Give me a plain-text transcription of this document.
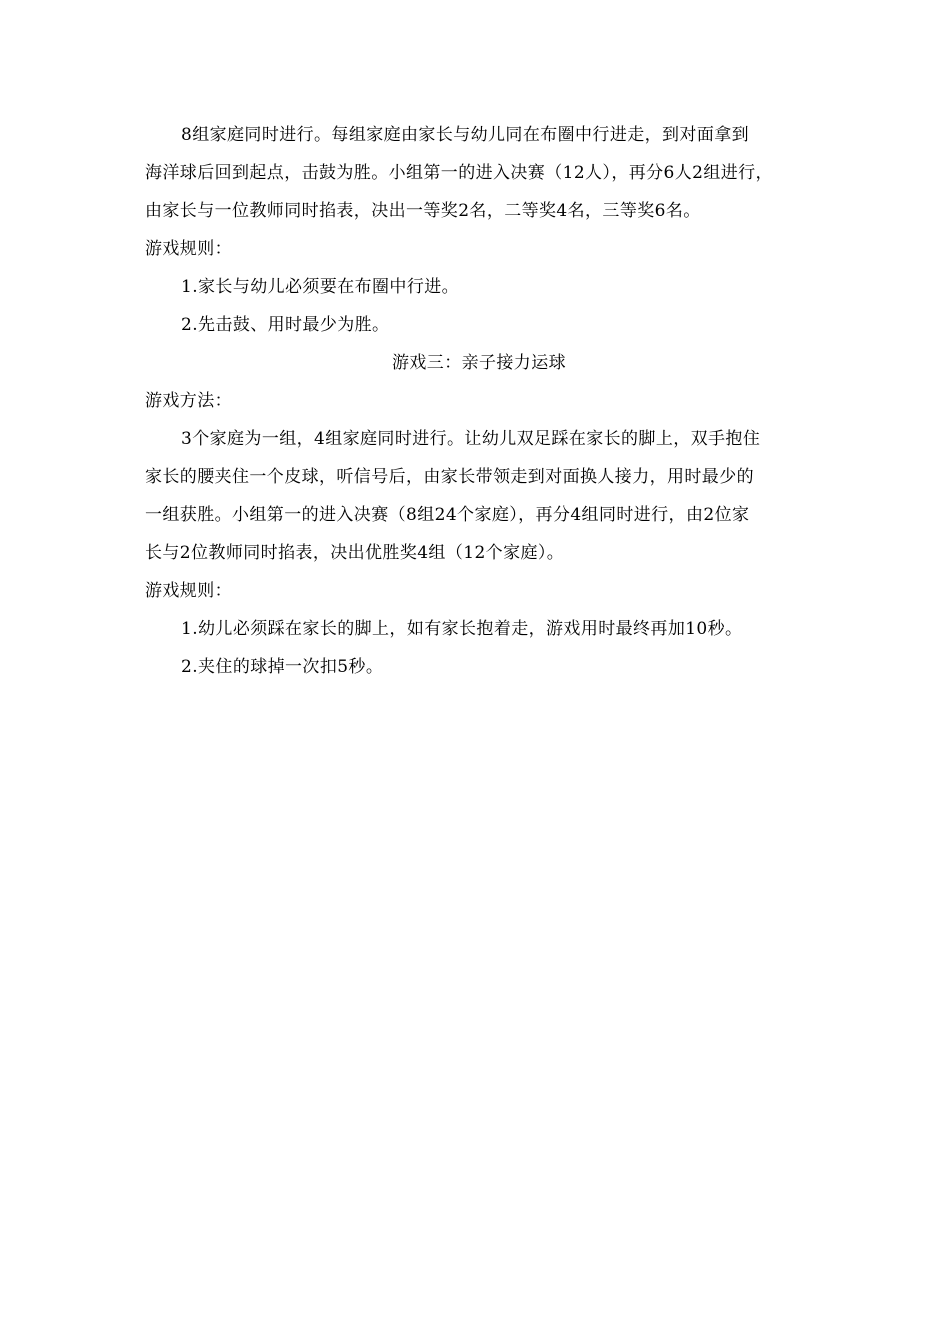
8组家庭同时进行。每组家庭由家长与幼儿同在布圈中行进走，到对面拿到
海洋球后回到起点，击鼓为胜。小组第一的进入决赛（12人），再分6人2组进行，
由家长与一位教师同时掐表，决出一等奖2名，二等奖4名，三等奖6名。
游戏规则：
1.家长与幼儿必须要在布圈中行进。
2.先击鼓、用时最少为胜。
游戏三：亲子接力运球
游戏方法：
3个家庭为一组，4组家庭同时进行。让幼儿双足踩在家长的脚上，双手抱住
家长的腰夹住一个皮球，听信号后，由家长带领走到对面换人接力，用时最少的
一组获胜。小组第一的进入决赛（8组24个家庭），再分4组同时进行，由2位家
长与2位教师同时掐表，决出优胜奖4组（12个家庭）。
游戏规则：
1.幼儿必须踩在家长的脚上，如有家长抱着走，游戏用时最终再加10秒。
2.夹住的球掉一次扣5秒。
